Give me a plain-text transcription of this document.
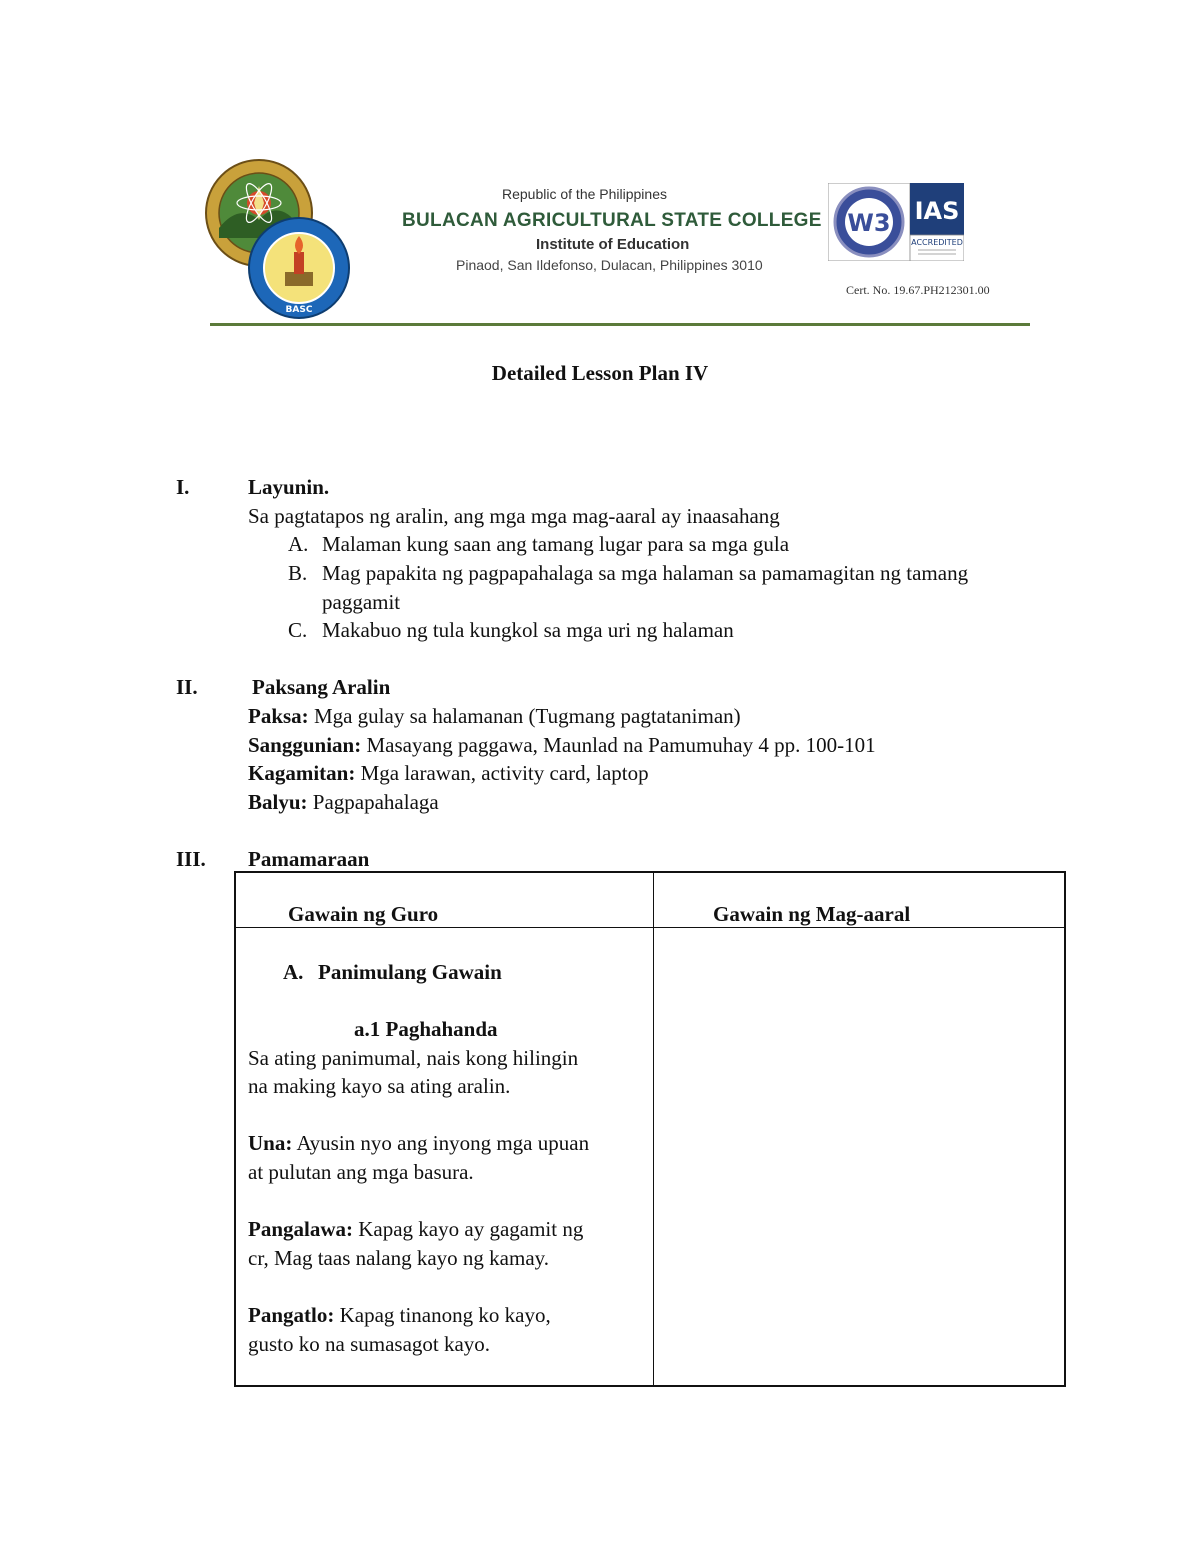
BASC
Republic of the Philippines
BULACAN AGRICULTURAL STATE COLLEGE
Institute of Education
Pinaod, San Ildefonso, Dulacan, Philippines 3010
W3 IAS
ACCREDITED
Cert. No. 19.67.PH212301.00
Detailed Lesson Plan IV
I.	Layunin.
Sa pagtatapos ng aralin, ang mga mga mag-aaral ay inaasahang
A. Malaman kung saan ang tamang lugar para sa mga gula
B. Mag papakita ng pagpapahalaga sa mga halaman sa pamamagitan ng tamang
paggamit
C. Makabuo ng tula kungkol sa mga uri ng halaman
II.	Paksang Aralin
Paksa: Mga gulay sa halamanan (Tugmang pagtataniman)
Sanggunian: Masayang paggawa, Maunlad na Pamumuhay 4 pp. 100-101
Kagamitan: Mga larawan, activity card, laptop
Balyu: Pagpapahalaga
III. Pamamaraan
Gawain ng Guro	Gawain ng Mag-aaral
A. Panimulang Gawain
a.1 Paghahanda
Sa ating panimumal, nais kong hilingin
na making kayo sa ating aralin.
Una: Ayusin nyo ang inyong mga upuan
at pulutan ang mga basura.
Pangalawa: Kapag kayo ay gagamit ng
cr, Mag taas nalang kayo ng kamay.
Pangatlo: Kapag tinanong ko kayo,
gusto ko na sumasagot kayo.
